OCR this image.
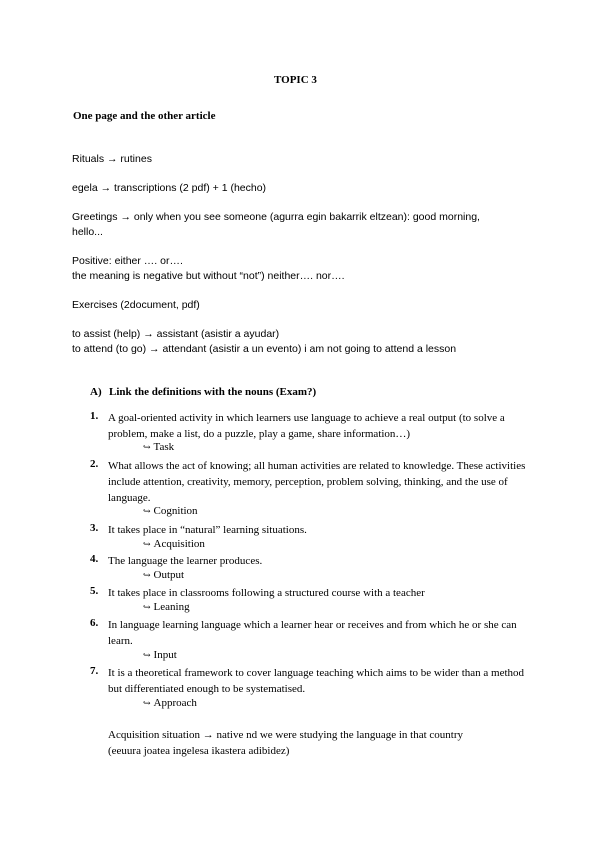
TOPIC 3
One page and the other article
Rituals → rutines
egela → transcriptions (2 pdf) + 1 (hecho)
Greetings → only when you see someone (agurra egin bakarrik eltzean): good morning,
hello...
Positive: either …. or….
the meaning is negative but without “not”) neither…. nor….
Exercises (2document, pdf)
to assist (help) → assistant (asistir a ayudar)
to attend (to go) → attendant (asistir a un evento) i am not going to attend a lesson
A) Link the definitions with the nouns (Exam?)
1. A goal-oriented activity in which learners use language to achieve a real output (to solve a problem, make a list, do a puzzle, play a game, share information…)
↪ Task
2. What allows the act of knowing; all human activities are related to knowledge. These activities include attention, creativity, memory, perception, problem solving, thinking, and the use of language.
↪ Cognition
3. It takes place in “natural” learning situations.
↪ Acquisition
4. The language the learner produces.
↪ Output
5. It takes place in classrooms following a structured course with a teacher
↪ Leaning
6. In language learning language which a learner hear or receives and from which he or she can learn.
↪ Input
7. It is a theoretical framework to cover language teaching which aims to be wider than a method but differentiated enough to be systematised.
↪ Approach
Acquisition situation → native nd we were studying the language in that country
(eeuura joatea ingelesa ikastera adibidez)
